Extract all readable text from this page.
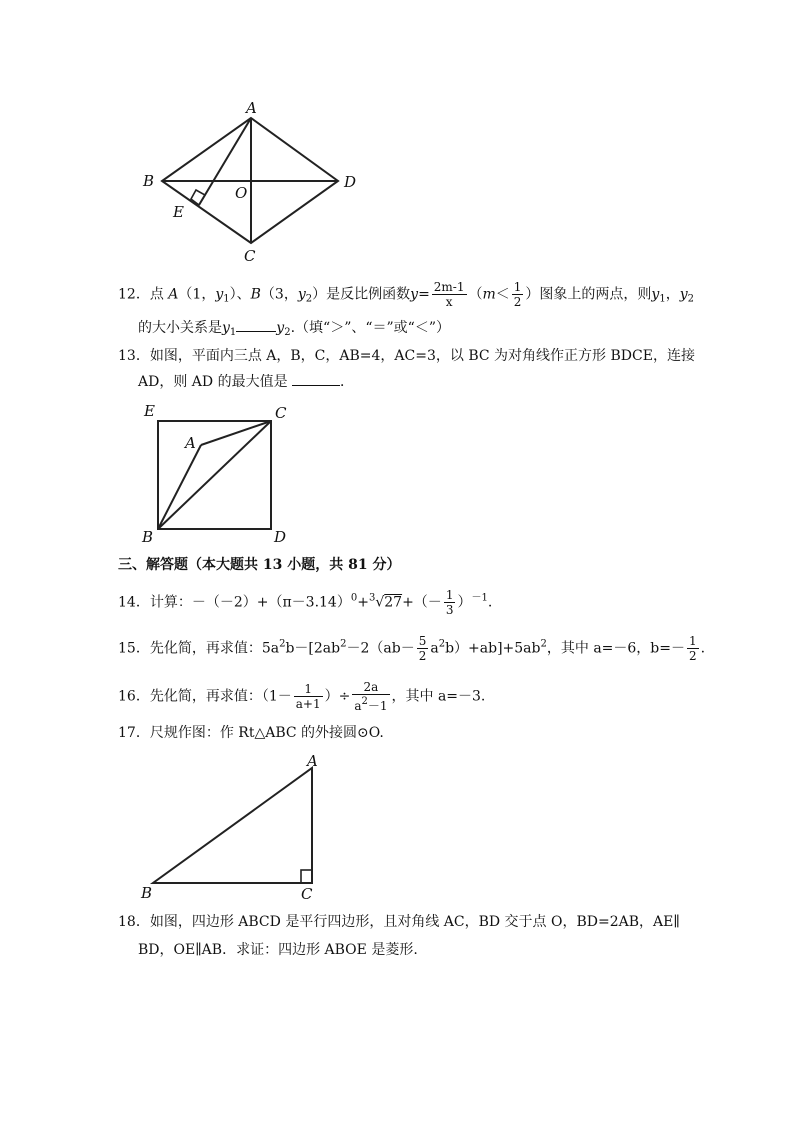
A
B	D
O
E
C
12．点 A（1，$y_1$）、B（3，$y_2$）是反比例函数$y= \frac{2m-1}{x} (m< \frac{1}{2}$ ）图象上的两点，则$y_1$，$y_2$
的大小关系是$y_1$	$y_2$.（填“＞”、“＝”或“＜”）
13．如图，平面内三点 A，B，C，AB=4，AC=3，以 BC 为对角线作正方形 BDCE，连接
AD，则 AD 的最大值是	．
E	C
A
B	D
三、解答题（本大题共 13 小题，共 81 分）
14．计算：$-(-2)+(\pi-3.14)^0+^3√27+(- \frac{1}{3} )^{-1}$.
15．先化简，再求值：$5a^2b-[2ab^2-2(ab- \frac{5}{2} a^2b)+ab]+5ab^2$，其中 a=－6，$b=- \frac{1}{2}$ .
16．先化简，再求值：（$1- \frac{1}{a+1}$ ）÷ $\frac{2a}{a^2-1}$ ，其中 a=－3.
17．尺规作图：作 Rt△ABC 的外接圆⊙O.
A
B	C
18．如图，四边形 ABCD 是平行四边形，且对角线 AC，BD 交于点 O，BD=2AB，AE∥
BD，OE∥AB．求证：四边形 ABOE 是菱形.
